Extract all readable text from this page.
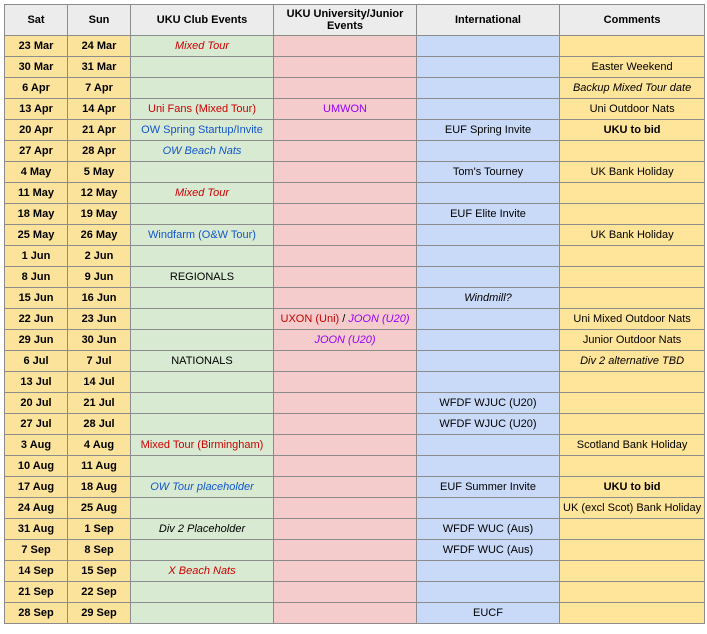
Sat	Sun	UKU Club Events	UKU University/Junior Events	International	Comments
23 Mar	24 Mar	Mixed Tour			
30 Mar	31 Mar				Easter Weekend
6 Apr	7 Apr				Backup Mixed Tour date
13 Apr	14 Apr	Uni Fans (Mixed Tour)	UMWON		Uni Outdoor Nats
20 Apr	21 Apr	OW Spring Startup/Invite		EUF Spring Invite	UKU to bid
27 Apr	28 Apr	OW Beach Nats			
4 May	5 May			Tom's Tourney	UK Bank Holiday
11 May	12 May	Mixed Tour			
18 May	19 May			EUF Elite Invite	
25 May	26 May	Windfarm (O&W Tour)			UK Bank Holiday
1 Jun	2 Jun				
8 Jun	9 Jun	REGIONALS			
15 Jun	16 Jun			Windmill?	
22 Jun	23 Jun		UXON (Uni) / JOON (U20)		Uni Mixed Outdoor Nats
29 Jun	30 Jun		JOON (U20)		Junior Outdoor Nats
6 Jul	7 Jul	NATIONALS			Div 2 alternative TBD
13 Jul	14 Jul				
20 Jul	21 Jul			WFDF WJUC (U20)	
27 Jul	28 Jul			WFDF WJUC (U20)	
3 Aug	4 Aug	Mixed Tour (Birmingham)			Scotland Bank Holiday
10 Aug	11 Aug				
17 Aug	18 Aug	OW Tour placeholder		EUF Summer Invite	UKU to bid
24 Aug	25 Aug				UK (excl Scot) Bank Holiday
31 Aug	1 Sep	Div 2 Placeholder		WFDF WUC (Aus)	
7 Sep	8 Sep			WFDF WUC (Aus)	
14 Sep	15 Sep	X Beach Nats			
21 Sep	22 Sep				
28 Sep	29 Sep			EUCF	
